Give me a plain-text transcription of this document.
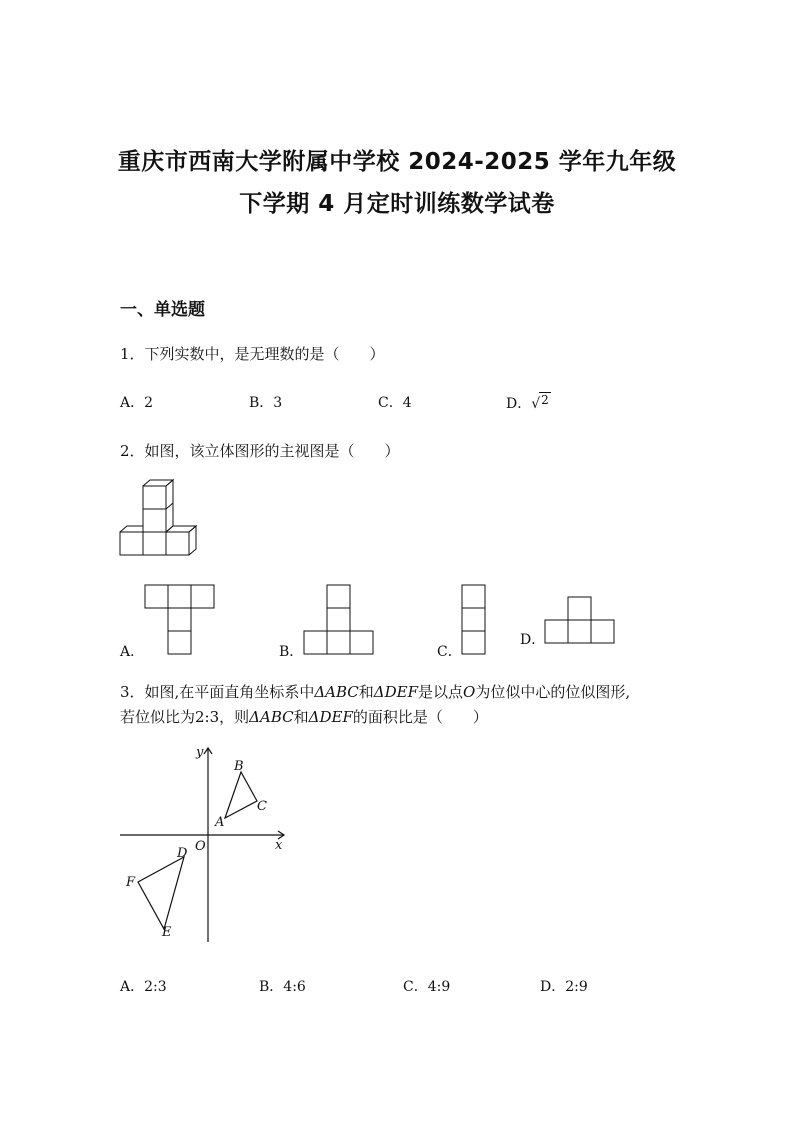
重庆市西南大学附属中学校 2024-2025 学年九年级
下学期 4 月定时训练数学试卷
一、单选题
1．下列实数中，是无理数的是（　　）
A．2	B．3	C．4	D．√2
2．如图，该立体图形的主视图是（　　）
A．	B．	C．
D．
3．如图,在平面直角坐标系中ΔABC和ΔDEF是以点O为位似中心的位似图形,
若位似比为2:3，则ΔABC和ΔDEF的面积比是（　　）
y
x
O
A
B
C
D
F
E
A．2:3	B．4:6	C．4:9	D．2:9
